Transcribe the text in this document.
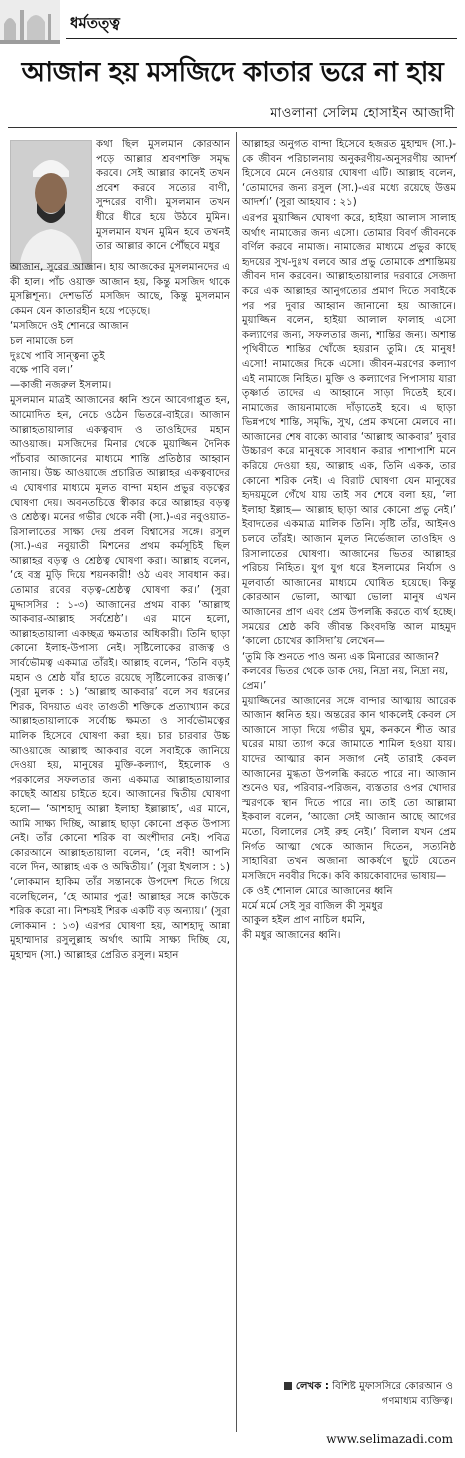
ধর্মতত্ত্ব
আজান হয় মসজিদে কাতার ভরে না হায়
মাওলানা সেলিম হোসাইন আজাদী

কথা ছিল মুসলমান কোরআন পড়ে আল্লার শ্রবণশক্তি সমৃদ্ধ করবে। সেই আল্লার কানেই তখন প্রবেশ করবে সত্যের বাণী, সুন্দরের বাণী। মুসলমান তখন ধীরে ধীরে হয়ে উঠবে মুমিন। মুসলমান যখন মুমিন হবে তখনই তার আল্লার কানে পৌঁছবে মধুর

আজান, সুরের আজান। হায় আজকের মুসলমানদের এ কী হাল। পাঁচ ওয়াক্ত আজান হয়, কিন্তু মসজিদ থাকে মুসল্লিশূন্য। দেশভর্তি মসজিদ আছে, কিন্তু মুসলমান কেমন যেন কাতারহীন হয়ে পড়েছে।

‘মসজিদে ওই শোনরে আজান

চল নামাজে চল

দুঃখে পাবি সান্ত্বনা তুই

বক্ষে পাবি বল।’

—কাজী নজরুল ইসলাম।

মুসলমান মাত্রই আজানের ধ্বনি শুনে আবেগাপ্লুত হন, আমোদিত হন, নেচে ওঠেন ভিতরে-বাইরে। আজান আল্লাহতায়ালার একত্ববাদ ও তাওহিদের মহান আওয়াজ। মসজিদের মিনার থেকে মুয়াজ্জিন দৈনিক পাঁচবার আজানের মাধ্যমে শান্তি প্রতিষ্ঠার আহ্বান জানায়। উচ্চ আওয়াজে প্রচারিত আল্লাহর একত্ববাদের এ ঘোষণার মাধ্যমে মূলত বান্দা মহান প্রভুর বড়ত্বের ঘোষণা দেয়। অবনতচিত্তে স্বীকার করে আল্লাহর বড়ত্ব ও শ্রেষ্ঠত্ব। মনের গভীর থেকে নবী (সা.)-এর নবুওয়াত-রিসালাতের সাক্ষ্য দেয় প্রবল বিশ্বাসের সঙ্গে। রসুল (সা.)-এর নবুয়াতী মিশনের প্রথম কর্মসূচিই ছিল আল্লাহর বড়ত্ব ও শ্রেষ্ঠত্ব ঘোষণা করা। আল্লাহ বলেন, ‘হে বস্ত্র মুড়ি দিয়ে শয়নকারী! ওঠ এবং সাবধান কর। তোমার রবের বড়ত্ব-শ্রেষ্ঠত্ব ঘোষণা কর।’ (সুরা মুদ্দাসসির : ১-৩) আজানের প্রথম বাক্য ‘আল্লাহু আকবার-আল্লাহ সর্বশ্রেষ্ঠ’। এর মানে হলো, আল্লাহতায়ালা একচ্ছত্র ক্ষমতার অধিকারী। তিনি ছাড়া কোনো ইলাহ-উপাস্য নেই। সৃষ্টিলোকের রাজত্ব ও সার্বভৌমত্ব একমাত্র তাঁরই। আল্লাহ বলেন, ‘তিনি বড়ই মহান ও শ্রেষ্ঠ যাঁর হাতে রয়েছে সৃষ্টিলোকের রাজত্ব।’ (সুরা মুলক : ১) ‘আল্লাহু আকবার’ বলে সব ধরনের শিরক, বিদয়াত এবং তাগুতী শক্তিকে প্রত্যাখ্যান করে আল্লাহতায়ালাকে সর্বোচ্চ ক্ষমতা ও সার্বভৌমত্বের মালিক হিসেবে ঘোষণা করা হয়। চার চারবার উচ্চ আওয়াজে আল্লাহু আকবার বলে সবাইকে জানিয়ে দেওয়া হয়, মানুষের মুক্তি-কল্যাণ, ইহলোক ও পরকালের সফলতার জন্য একমাত্র আল্লাহতায়ালার কাছেই আশ্রয় চাইতে হবে। আজানের দ্বিতীয় ঘোষণা হলো— ‘আশহাদু আল্লা ইলাহা ইল্লাল্লাহ’, এর মানে, আমি সাক্ষ্য দিচ্ছি, আল্লাহ ছাড়া কোনো প্রকৃত উপাস্য নেই। তাঁর কোনো শরিক বা অংশীদার নেই। পবিত্র কোরআনে আল্লাহতায়ালা বলেন, ‘হে নবী! আপনি বলে দিন, আল্লাহ এক ও অদ্বিতীয়।’ (সুরা ইখলাস : ১) ‘লোকমান হাকিম তাঁর সন্তানকে উপদেশ দিতে গিয়ে বলেছিলেন, ‘হে আমার পুত্র! আল্লাহর সঙ্গে কাউকে শরিক করো না। নিশ্চয়ই শিরক একটি বড় অন্যায়।’ (সুরা লোকমান : ১৩) এরপর ঘোষণা হয়, আশহাদু আন্না মুহাম্মাদার রসুলুল্লাহ অর্থাৎ আমি সাক্ষ্য দিচ্ছি যে, মুহাম্মদ (সা.) আল্লাহর প্রেরিত রসুল। মহান

আল্লাহর অনুগত বান্দা হিসেবে হজরত মুহাম্মদ (সা.)-কে জীবন পরিচালনায় অনুকরণীয়-অনুসরণীয় আদর্শ হিসেবে মেনে নেওয়ার ঘোষণা এটি। আল্লাহ বলেন, ‘তোমাদের জন্য রসুল (সা.)-এর মধ্যে রয়েছে উত্তম আদর্শ।’ (সুরা আহযাব : ২১)

এরপর মুয়াজ্জিন ঘোষণা করে, হাইয়া আলাস সালাহ অর্থাৎ নামাজের জন্য এসো। তোমার বিবর্ণ জীবনকে বর্ণিল করবে নামাজ। নামাজের মাধ্যমে প্রভুর কাছে হৃদয়ের সুখ-দুঃখ বলবে আর প্রভু তোমাকে প্রশান্তিময় জীবন দান করবেন। আল্লাহতায়ালার দরবারে সেজদা করে এক আল্লাহর আনুগত্যের প্রমাণ দিতে সবাইকে পর পর দুবার আহ্বান জানানো হয় আজানে। মুয়াজ্জিন বলেন, হাইয়া আলাল ফালাহ এসো কল্যাণের জন্য, সফলতার জন্য, শান্তির জন্য। অশান্ত পৃথিবীতে শান্তির খোঁজে হয়রান তুমি। হে মানুষ! এসো! নামাজের দিকে এসো। জীবন-মরণের কল্যাণ এই নামাজে নিহিত। মুক্তি ও কল্যাণের পিপাসায় যারা তৃষ্ণার্ত তাদের এ আহ্বানে সাড়া দিতেই হবে। নামাজের জায়নামাজে দাঁড়াতেই হবে। এ ছাড়া ভিন্নপথে শান্তি, সমৃদ্ধি, সুখ, প্রেম কখনো মেলবে না। আজানের শেষ বাক্যে আবার ‘আল্লাহু আকবার’ দুবার উচ্চারণ করে মানুষকে সাবধান করার পাশাপাশি মনে করিয়ে দেওয়া হয়, আল্লাহ এক, তিনি একক, তার কোনো শরিক নেই। এ বিরাট ঘোষণা যেন মানুষের হৃদয়মূলে গেঁথে যায় তাই সব শেষে বলা হয়, ‘লা ইলাহা ইল্লাহ— আল্লাহ ছাড়া আর কোনো প্রভু নেই।’ ইবাদতের একমাত্র মালিক তিনি। সৃষ্টি তাঁর, আইনও চলবে তাঁরই। আজান মূলত নির্ভেজাল তাওহিদ ও রিসালাতের ঘোষণা। আজানের ভিতর আল্লাহর পরিচয় নিহিত। যুগ যুগ ধরে ইসলামের নির্যাস ও মূলবার্তা আজানের মাধ্যমে ঘোষিত হয়েছে। কিন্তু কোরআন ভোলা, আত্মা ভোলা মানুষ এখন আজানের প্রাণ এবং প্রেম উপলব্ধি করতে ব্যর্থ হচ্ছে। সময়ের শ্রেষ্ঠ কবি জীবন্ত কিংবদন্তি আল মাহমুদ ‘কালো চোখের কাসিদা’য় লেখেন—

‘তুমি কি শুনতে পাও অন্য এক মিনারের আজান?

কলবের ভিতর থেকে ডাক দেয়, নিদ্রা নয়, নিদ্রা নয়, প্রেম।’

মুয়াজ্জিনের আজানের সঙ্গে বান্দার আত্মায় আরেক আজান ধ্বনিত হয়। অন্তরের কান থাকলেই কেবল সে আজানে সাড়া দিয়ে গভীর ঘুম, কনকনে শীত আর ঘরের মায়া ত্যাগ করে জামাতে শামিল হওয়া যায়। যাদের আত্মার কান সজাগ নেই তারাই কেবল আজানের মুগ্ধতা উপলব্ধি করতে পারে না। আজান শুনেও ঘর, পরিবার-পরিজন, ব্যস্ততার ওপর খোদার স্মরণকে স্থান দিতে পারে না। তাই তো আল্লামা ইকবাল বলেন, ‘আজো সেই আজান আছে আগের মতো, বিলালের সেই রুহ নেই।’ বিলাল যখন প্রেম নির্গত আত্মা থেকে আজান দিতেন, সত্যনিষ্ঠ সাহাবিরা তখন অজানা আকর্ষণে ছুটে যেতেন মসজিদে নববীর দিকে। কবি কায়কোবাদের ভাষায়—

কে ওই শোনাল মোরে আজানের ধ্বনি

মর্মে মর্মে সেই সুর বাজিল কী সুমধুর

আকুল হইল প্রাণ নাচিল ধমনি,

কী মধুর আজানের ধ্বনি।

লেখক : বিশিষ্ট মুফাসসিরে কোরআন ও গণমাধ্যম ব্যক্তিত্ব।
www.selimazadi.com
